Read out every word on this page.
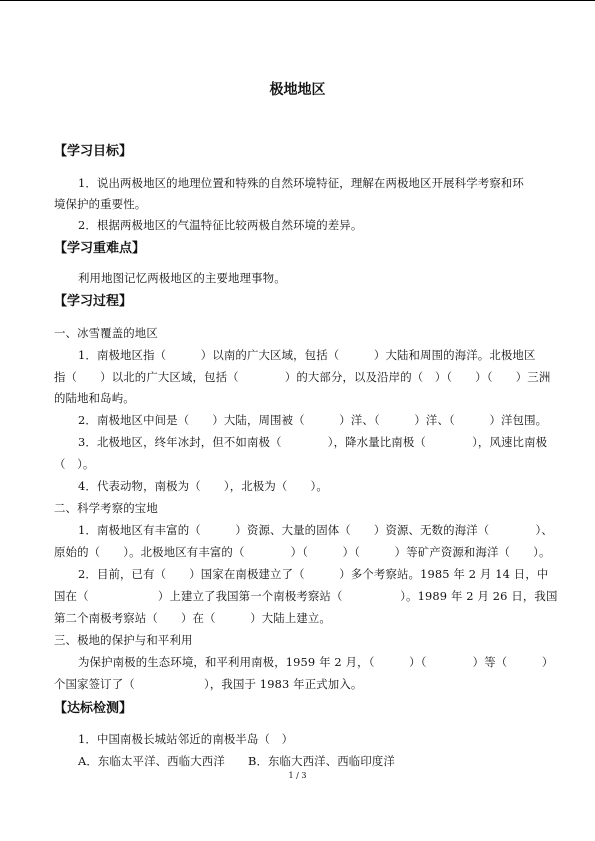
极地地区
【学习目标】
1．说出两极地区的地理位置和特殊的自然环境特征，理解在两极地区开展科学考察和环
境保护的重要性。
2．根据两极地区的气温特征比较两极自然环境的差异。
【学习重难点】
利用地图记忆两极地区的主要地理事物。
【学习过程】
一、冰雪覆盖的地区
1．南极地区指（　　　）以南的广大区域，包括（　　　）大陆和周围的海洋。北极地区
指（　　）以北的广大区域，包括（　　　　）的大部分，以及沿岸的（　）（　　）（　　）三洲
的陆地和岛屿。
2．南极地区中间是（　　）大陆，周围被（　　　）洋、（　　　）洋、（　　　）洋包围。
3．北极地区，终年冰封，但不如南极（　　　　），降水量比南极（　　　　），风速比南极
（　）。
4．代表动物，南极为（　　），北极为（　　）。
二、科学考察的宝地
1．南极地区有丰富的（　　　）资源、大量的固体（　　）资源、无数的海洋（　　　　）、
原始的（　　）。北极地区有丰富的（　　　　）（　　　）（　　　）等矿产资源和海洋（　　）。
2．目前，已有（　　）国家在南极建立了（　　　）多个考察站。1985 年 2 月 14 日，中
国在（　　　　　　）上建立了我国第一个南极考察站（　　　　　）。1989 年 2 月 26 日，我国
第二个南极考察站（　　）在（　　　）大陆上建立。
三、极地的保护与和平利用
为保护南极的生态环境，和平利用南极，1959 年 2 月，（　　　）（　　　　）等（　　　）
个国家签订了（　　　　　　），我国于 1983 年正式加入。
【达标检测】
1．中国南极长城站邻近的南极半岛（　）
A．东临太平洋、西临大西洋　　B．东临大西洋、西临印度洋
1 / 3
